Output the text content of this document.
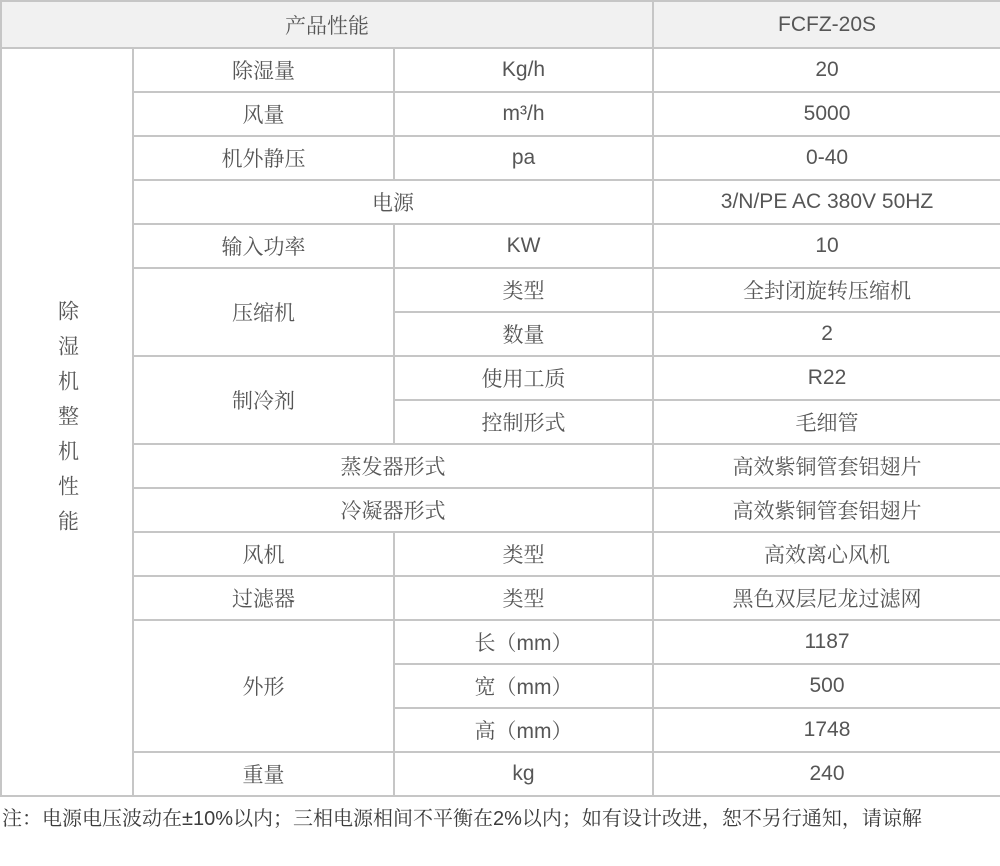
产品性能			FCFZ-20S

除湿机整机性能	除湿量	Kg/h	20
	风量	m³/h	5000
	机外静压	pa	0-40
	电源		3/N/PE AC 380V 50HZ
	输入功率	KW	10
	压缩机	类型	全封闭旋转压缩机
		数量	2
	制冷剂	使用工质	R22
		控制形式	毛细管
	蒸发器形式		高效紫铜管套铝翅片
	冷凝器形式		高效紫铜管套铝翅片
	风机	类型	高效离心风机
	过滤器	类型	黑色双层尼龙过滤网
	外形	长（mm）	1187
		宽（mm）	500
		高（mm）	1748
	重量	kg	240
注：电源电压波动在±10%以内；三相电源相间不平衡在2%以内；如有设计改进，恕不另行通知，请谅解
